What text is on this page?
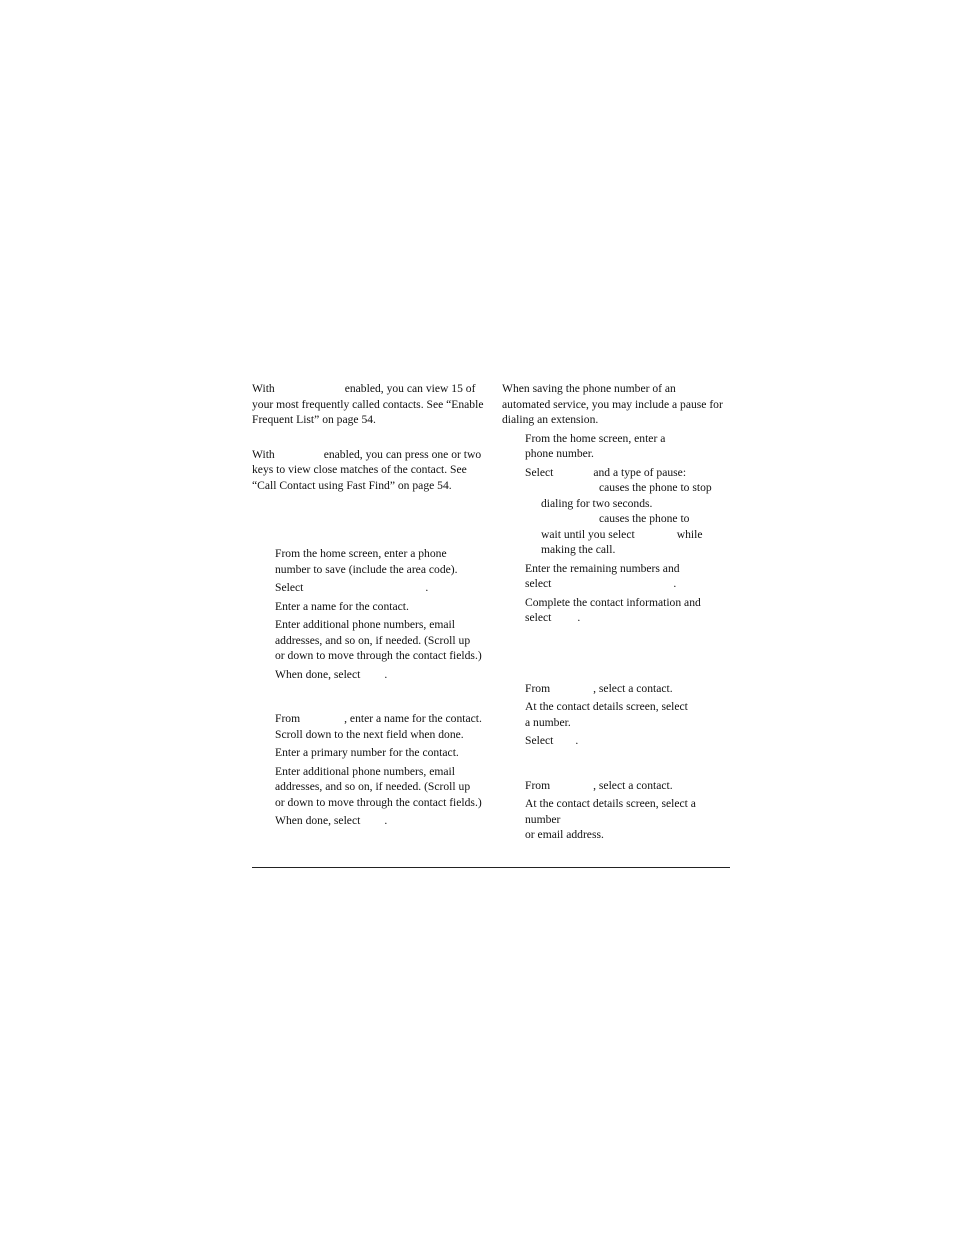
With	enabled, you can view 15 of
your most frequently called contacts. See “Enable
Frequent List” on page 54.

With	enabled, you can press one or two
keys to view close matches of the contact. See
“Call Contact using Fast Find” on page 54.

From the home screen, enter a phone
number to save (include the area code).

Select	.

Enter a name for the contact.

Enter additional phone numbers, email
addresses, and so on, if needed. (Scroll up
or down to move through the contact fields.)

When done, select .

From	, enter a name for the contact.
Scroll down to the next field when done.

Enter a primary number for the contact.

Enter additional phone numbers, email
addresses, and so on, if needed. (Scroll up
or down to move through the contact fields.)

When done, select .

When saving the phone number of an
automated service, you may include a pause for
dialing an extension.

From the home screen, enter a
phone number.

Select	and a type of pause:

causes the phone to stop
dialing for two seconds.

causes the phone to
wait until you select	while
making the call.

Enter the remaining numbers and
select	.

Complete the contact information and
select .

From	, select a contact.

At the contact details screen, select
a number.

Select .

From	, select a contact.

At the contact details screen, select a number
or email address.
